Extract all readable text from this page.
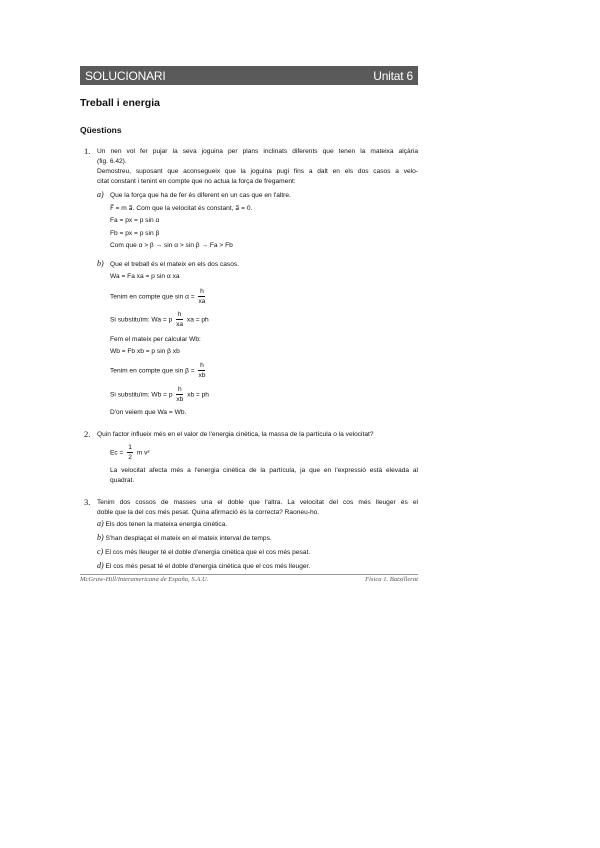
SOLUCIONARI	Unitat 6
Treball i energia
Qüestions
1. Un nen vol fer pujar la seva joguina per plans inclinats diferents que tenen la mateixa alçària
(fig. 6.42).
Demostreu, suposant que aconsegueix que la joguina pugi fins a dalt en els dos casos a velo-
citat constant i tenint en compte que no actua la força de fregament:
a) Que la força que ha de fer és diferent en un cas que en l'altre.
F⃗ = m a⃗. Com que la velocitat és constant, a⃗ = 0.
Fa = px = p sin α
Fb = px = p sin β
Com que α > β → sin α > sin β → Fa > Fb
b) Que el treball és el mateix en els dos casos.
Wa = Fa xa = p sin α xa
Tenim en compte que $\sin \alpha = \frac{h}{xa}$
Si substituïm: Wa = p $\frac{h}{xa}$ xa = ph
Fem el mateix per calcular Wb:
Wb = Fb xb = p sin β xb
Tenim en compte que $\sin \beta = \frac{h}{xb}$
Si substituïm: Wb = p $\frac{h}{xb}$ xb = ph
D'on veiem que Wa = Wb.
2. Quin factor influeix més en el valor de l'energia cinètica, la massa de la partícula o la velocitat?
$Ec = \frac{1}{2}$ m v²
La velocitat afecta més a l'energia cinètica de la partícula, ja que en l'expressió està elevada al
quadrat.
3. Tenim dos cossos de masses una el doble que l'altra. La velocitat del cos més lleuger és el
doble que la del cos més pesat. Quina afirmació és la correcta? Raoneu-ho.
a) Els dos tenen la mateixa energia cinètica.
b) S'han desplaçat el mateix en el mateix interval de temps.
c) El cos més lleuger té el doble d'energia cinètica que el cos més pesat.
d) El cos més pesat té el doble d'energia cinètica que el cos més lleuger.
McGraw-Hill/Interamericana de España, S.A.U.	Física 1. Batxillerat
